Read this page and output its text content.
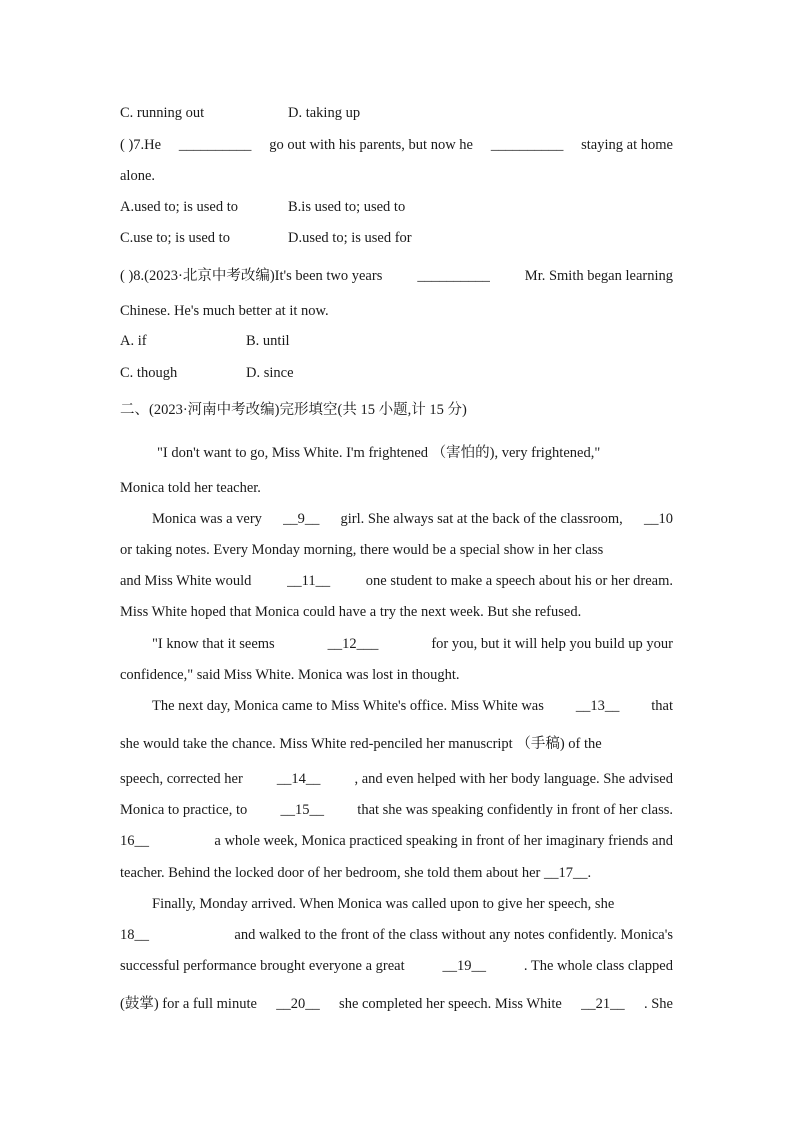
C. running out	D. taking up
( )7.He __________ go out with his parents, but now he __________ staying at home
alone.
A.used to; is used to	B.is used to; used to
C.use to; is used to	D.used to; is used for
( )8.(2023·北京中考改编)It's been two years __________ Mr. Smith began learning
Chinese. He's much better at it now.
A. if	B. until
C. though	D. since
二、(2023·河南中考改编)完形填空(共 15 小题,计 15 分)
"I don't want to go, Miss White. I'm frightened （害怕的), very frightened,"
Monica told her teacher.
Monica was a very __9__ girl. She always sat at the back of the classroom, __10
or taking notes. Every Monday morning, there would be a special show in her class
and Miss White would __11__ one student to make a speech about his or her dream.
Miss White hoped that Monica could have a try the next week. But she refused.
"I know that it seems	__12___	for you, but it will help you build up your
confidence," said Miss White. Monica was lost in thought.
The next day, Monica came to Miss White's office. Miss White was __13__ that
she would take the chance. Miss White red-penciled her manuscript （手稿) of the
speech, corrected her __14__ , and even helped with her body language. She advised
Monica to practice, to __15__ that she was speaking confidently in front of her class.
16__	a whole week, Monica practiced speaking in front of her imaginary friends and
teacher. Behind the locked door of her bedroom, she told them about her __17__.
Finally, Monday arrived. When Monica was called upon to give her speech, she
18__	and walked to the front of the class without any notes confidently. Monica's
successful performance brought everyone a great	__19__	. The whole class clapped
(鼓掌) for a full minute __20__ she completed her speech. Miss White __21__ . She
